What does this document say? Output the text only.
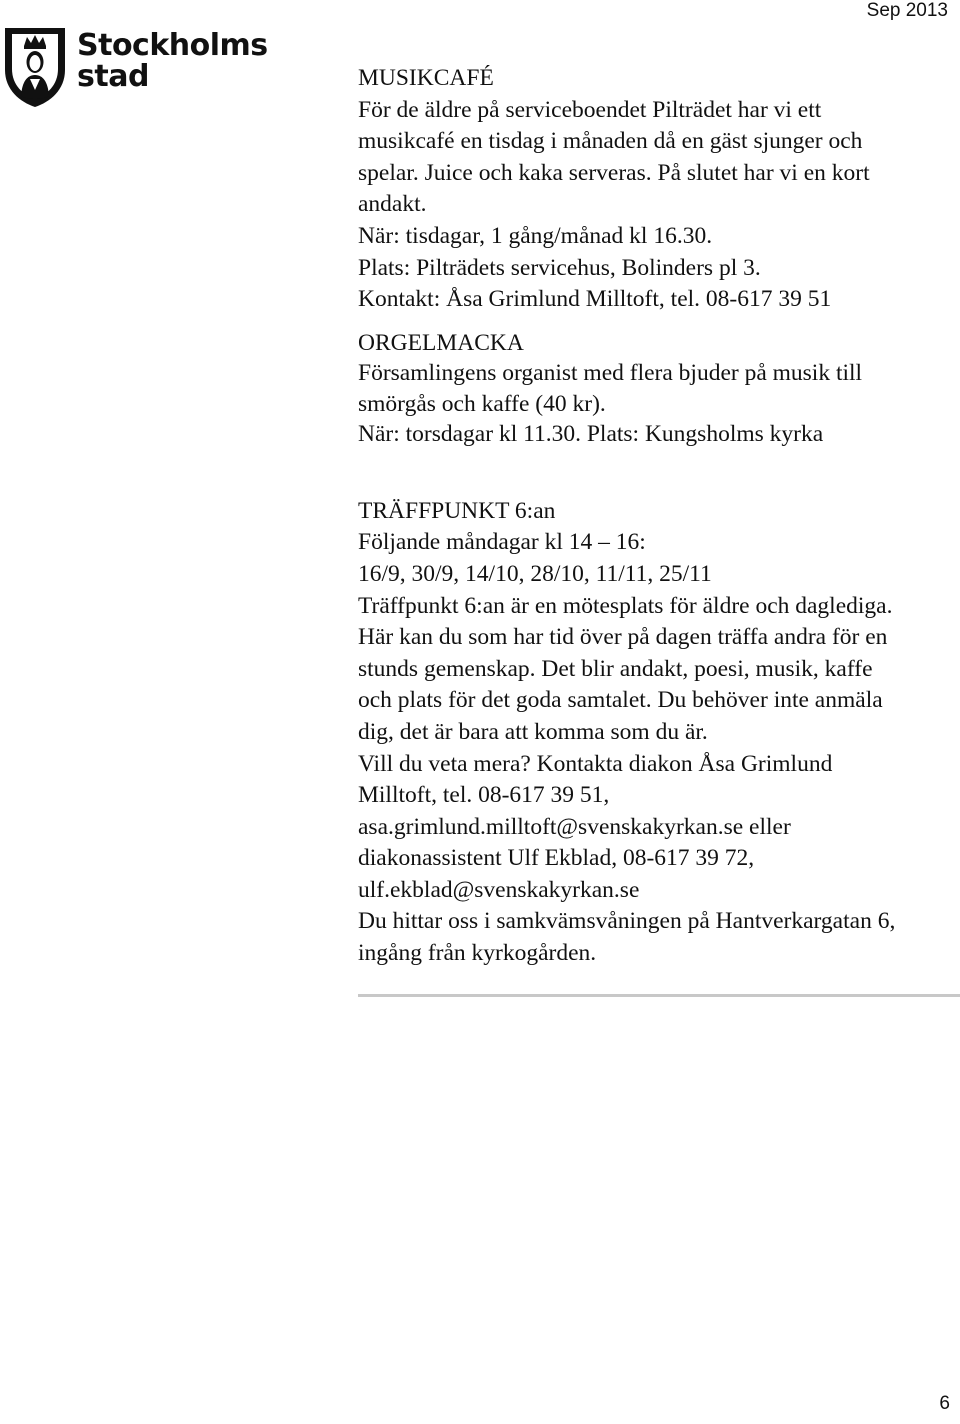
Stockholms
stad
Sep 2013
MUSIKCAFÉ
För de äldre på serviceboendet Pilträdet har vi ett
musikcafé en tisdag i månaden då en gäst sjunger och
spelar. Juice och kaka serveras. På slutet har vi en kort
andakt.
När: tisdagar, 1 gång/månad kl 16.30.
Plats: Pilträdets servicehus, Bolinders pl 3.
Kontakt: Åsa Grimlund Milltoft, tel. 08-617 39 51
ORGELMACKA
Församlingens organist med flera bjuder på musik till
smörgås och kaffe (40 kr).
När: torsdagar kl 11.30. Plats: Kungsholms kyrka
TRÄFFPUNKT 6:an
Följande måndagar kl 14 – 16:
16/9, 30/9, 14/10, 28/10, 11/11, 25/11
Träffpunkt 6:an är en mötesplats för äldre och daglediga.
Här kan du som har tid över på dagen träffa andra för en
stunds gemenskap. Det blir andakt, poesi, musik, kaffe
och plats för det goda samtalet. Du behöver inte anmäla
dig, det är bara att komma som du är.
Vill du veta mera? Kontakta diakon Åsa Grimlund
Milltoft, tel. 08-617 39 51,
asa.grimlund.milltoft@svenskakyrkan.se eller
diakonassistent Ulf Ekblad, 08-617 39 72,
ulf.ekblad@svenskakyrkan.se
Du hittar oss i samkvämsvåningen på Hantverkargatan 6,
ingång från kyrkogården.
6
